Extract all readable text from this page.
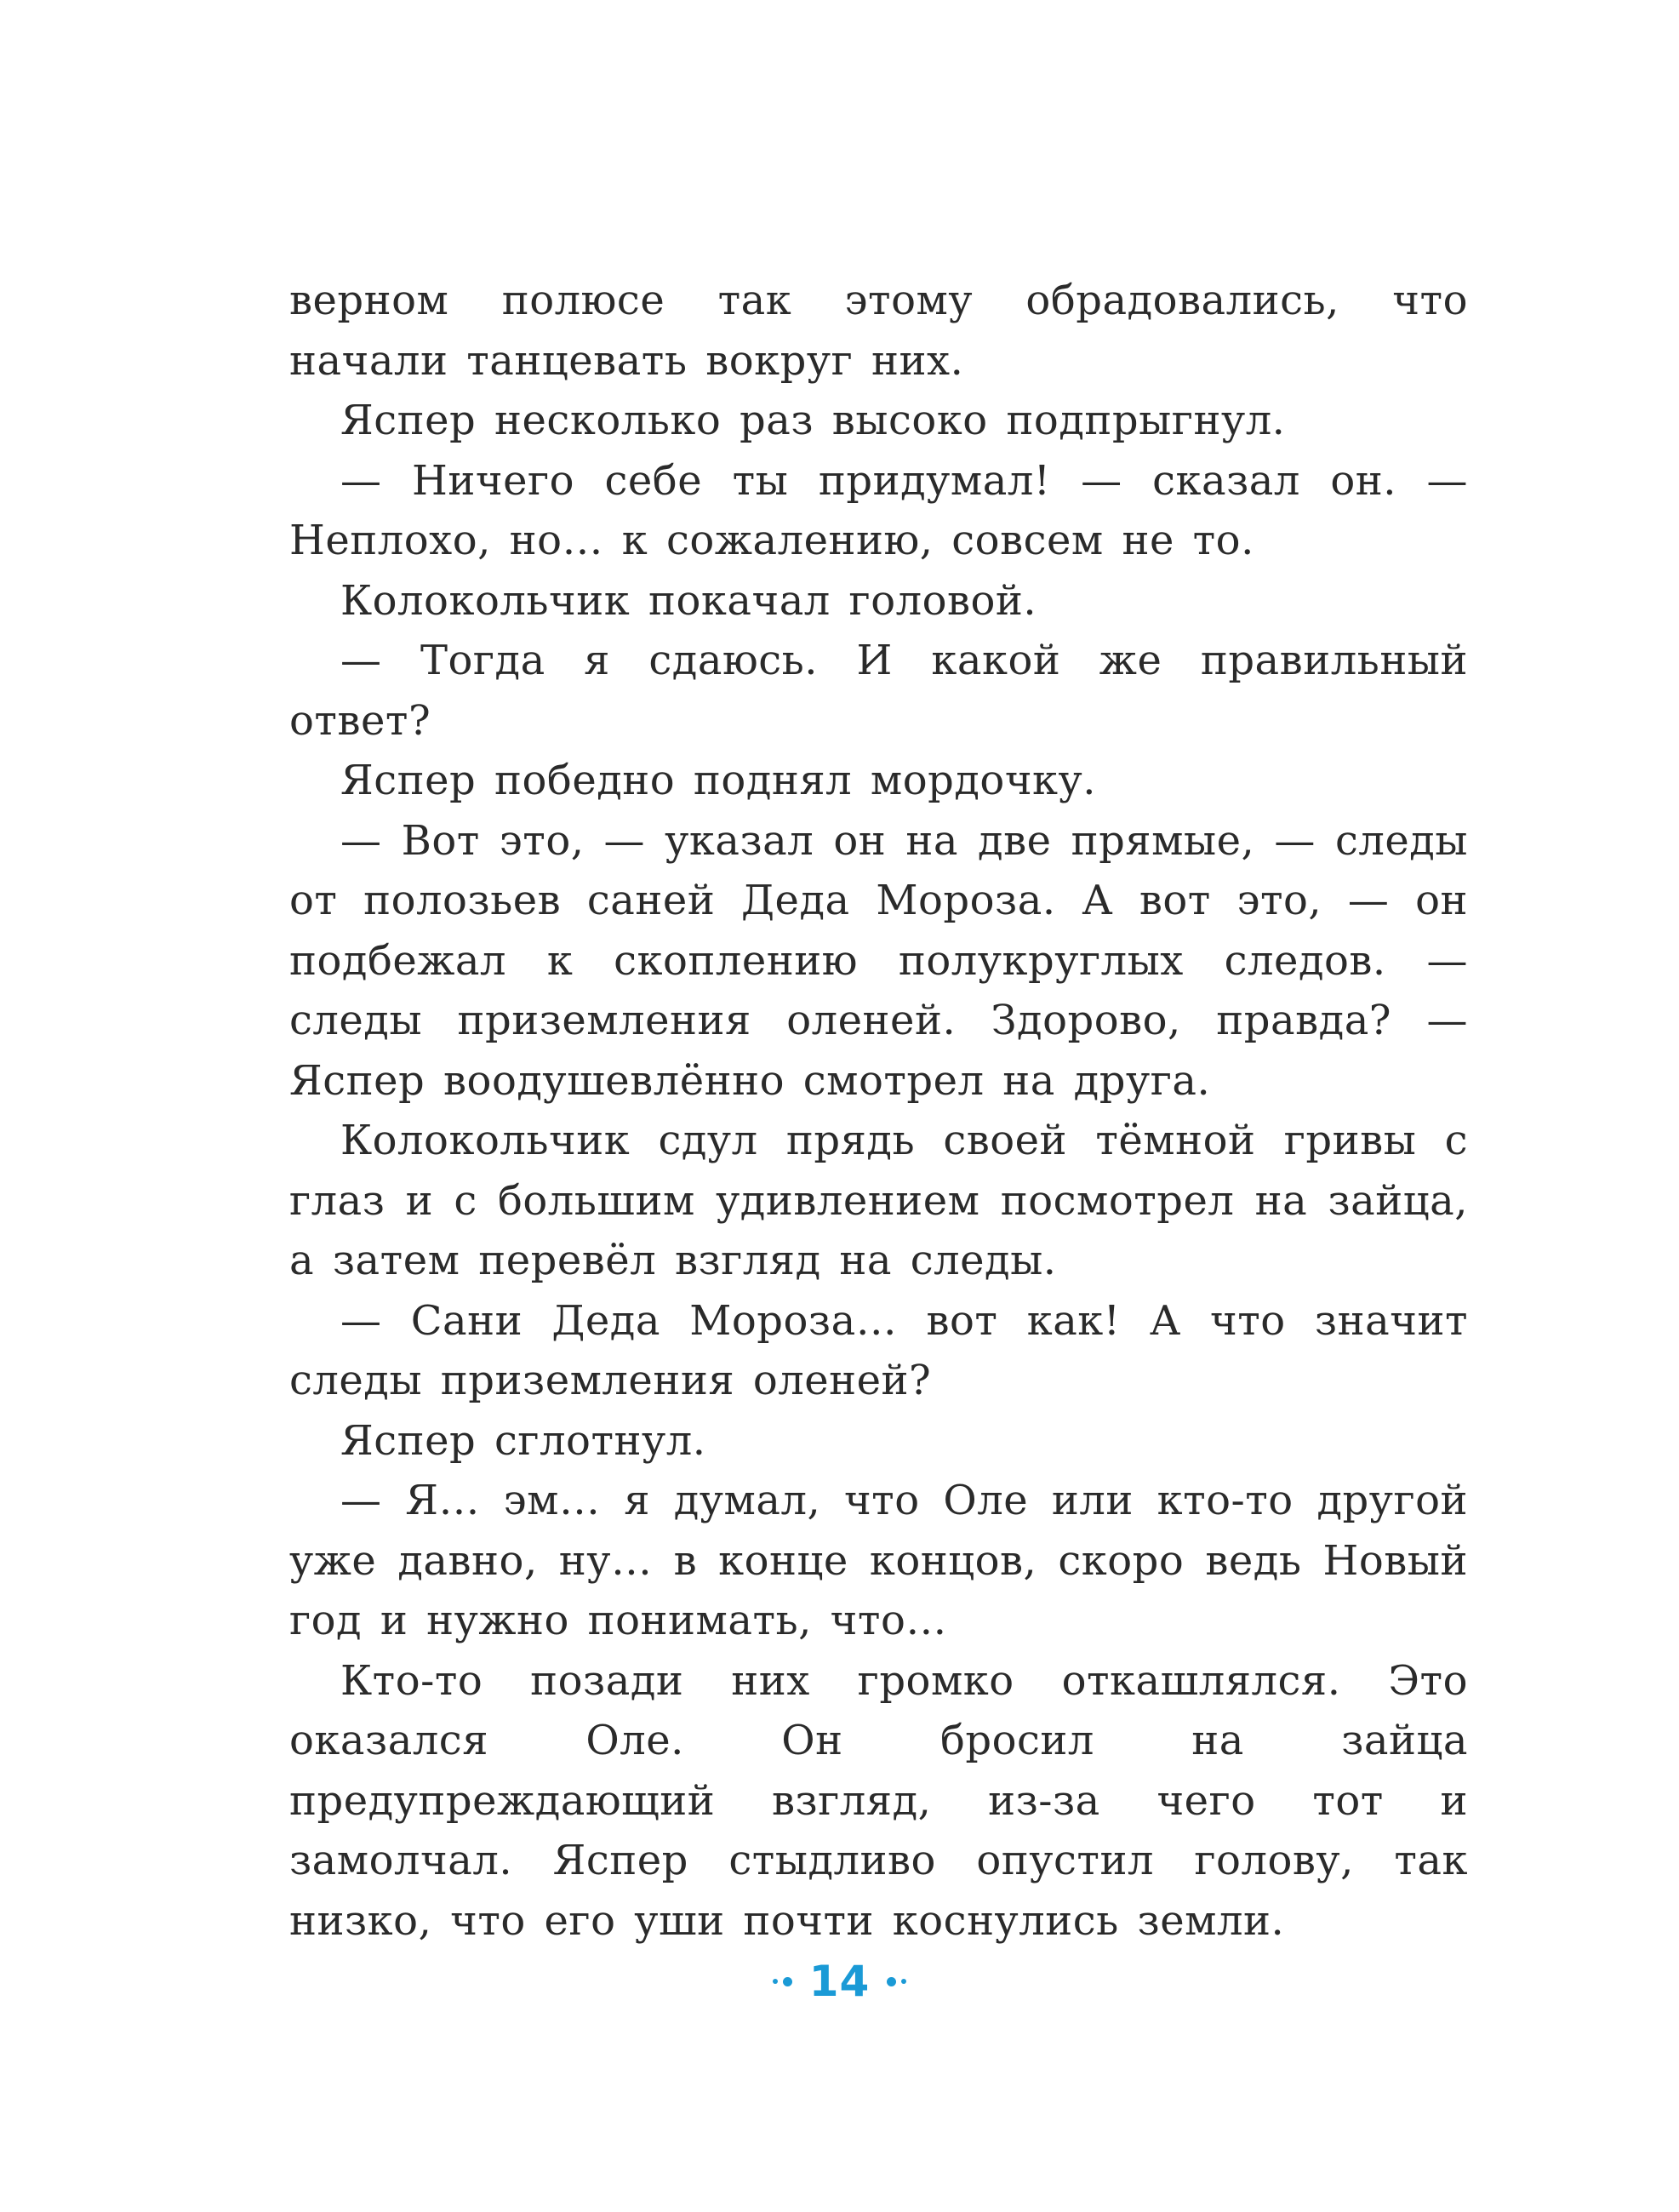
верном полюсе так этому обрадовались, что начали танцевать вокруг них.

Яспер несколько раз высоко подпрыгнул.

— Ничего себе ты придумал! — сказал он. — Неплохо, но… к сожалению, совсем не то.

Колокольчик покачал головой.

— Тогда я сдаюсь. И какой же правильный ответ?

Яспер победно поднял мордочку.

— Вот это, — указал он на две прямые, — следы от полозьев саней Деда Мороза. А вот это, — он подбежал к скоплению полукруглых следов. — следы приземления оленей. Здорово, правда? — Яспер воодушевлённо смотрел на друга.

Колокольчик сдул прядь своей тёмной гривы с глаз и с большим удивлением посмотрел на зайца, а затем перевёл взгляд на следы.

— Сани Деда Мороза… вот как! А что значит следы приземления оленей?

Яспер сглотнул.

— Я… эм… я думал, что Оле или кто-то другой уже давно, ну… в конце концов, скоро ведь Новый год и нужно понимать, что…

Кто-то позади них громко откашлялся. Это оказался Оле. Он бросил на зайца предупреждающий взгляд, из-за чего тот и замолчал. Яспер стыдливо опустил голову, так низко, что его уши почти коснулись земли.

14
